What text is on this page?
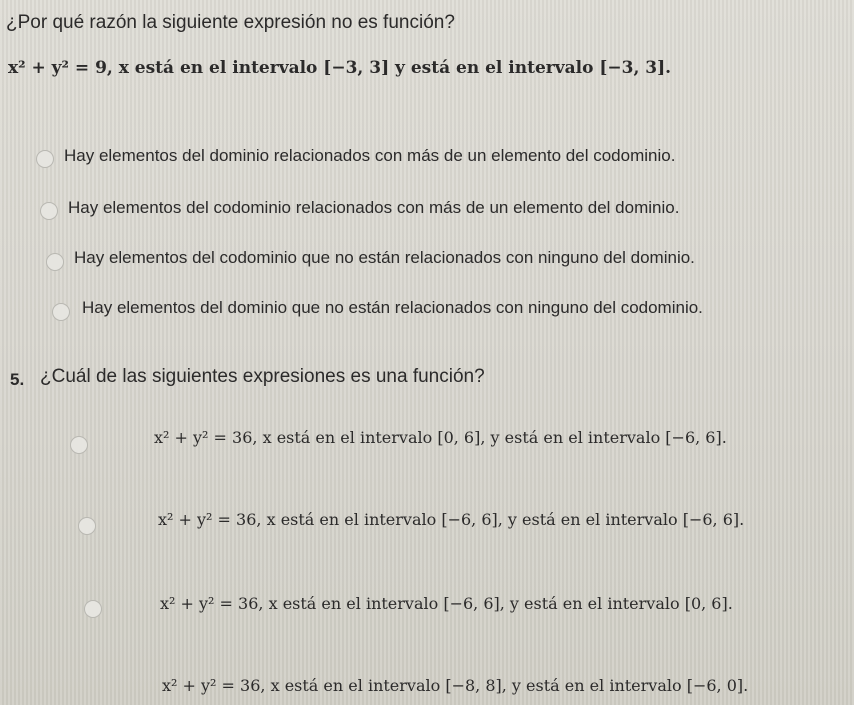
¿Por qué razón la siguiente expresión no es función?
x² + y² = 9, x está en el intervalo [−3, 3] y está en el intervalo [−3, 3].
Hay elementos del dominio relacionados con más de un elemento del codominio.
Hay elementos del codominio relacionados con más de un elemento del dominio.
Hay elementos del codominio que no están relacionados con ninguno del dominio.
Hay elementos del dominio que no están relacionados con ninguno del codominio.
5. ¿Cuál de las siguientes expresiones es una función?
x² + y² = 36, x está en el intervalo [0, 6], y está en el intervalo [−6, 6].
x² + y² = 36, x está en el intervalo [−6, 6], y está en el intervalo [−6, 6].
x² + y² = 36, x está en el intervalo [−6, 6], y está en el intervalo [0, 6].
x² + y² = 36, x está en el intervalo [−8, 8], y está en el intervalo [−6, 0].
